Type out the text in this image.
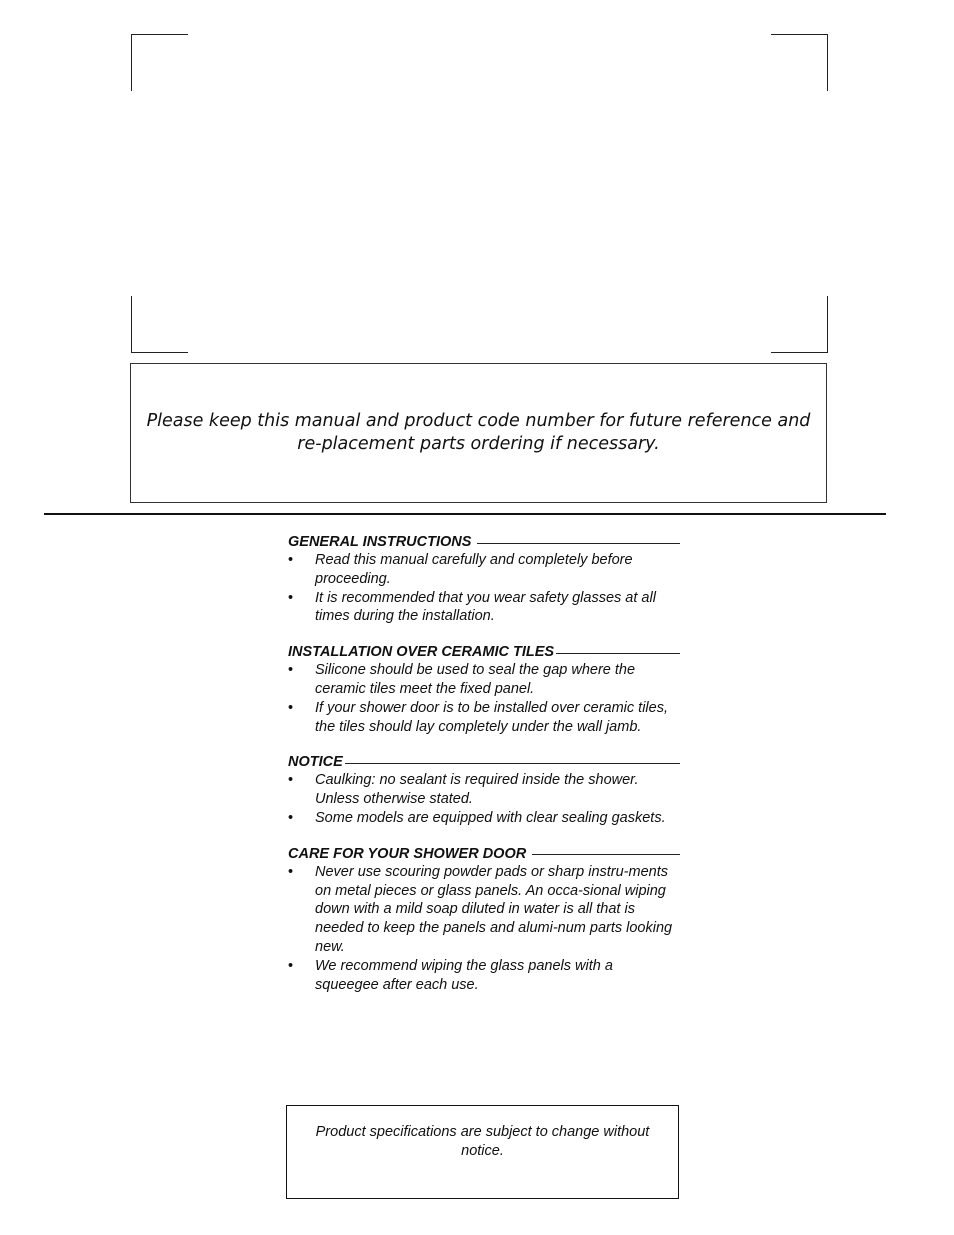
Please keep this manual and product code number for future reference and re-placement parts ordering if necessary.

GENERAL INSTRUCTIONS
• Read this manual carefully and completely before proceeding.
• It is recommended that you wear safety glasses at all times during the installation.
INSTALLATION OVER CERAMIC TILES
• Silicone should be used to seal the gap where the ceramic tiles meet the fixed panel.
• If your shower door is to be installed over ceramic tiles, the tiles should lay completely under the wall jamb.
NOTICE
• Caulking: no sealant is required inside the shower. Unless otherwise stated.
• Some models are equipped with clear sealing gaskets.
CARE FOR YOUR SHOWER DOOR
• Never use scouring powder pads or sharp instru-ments on metal pieces or glass panels. An occa-sional wiping down with a mild soap diluted in water is all that is needed to keep the panels and alumi-num parts looking new.
• We recommend wiping the glass panels with a squeegee after each use.

Product specifications are subject to change without notice.
